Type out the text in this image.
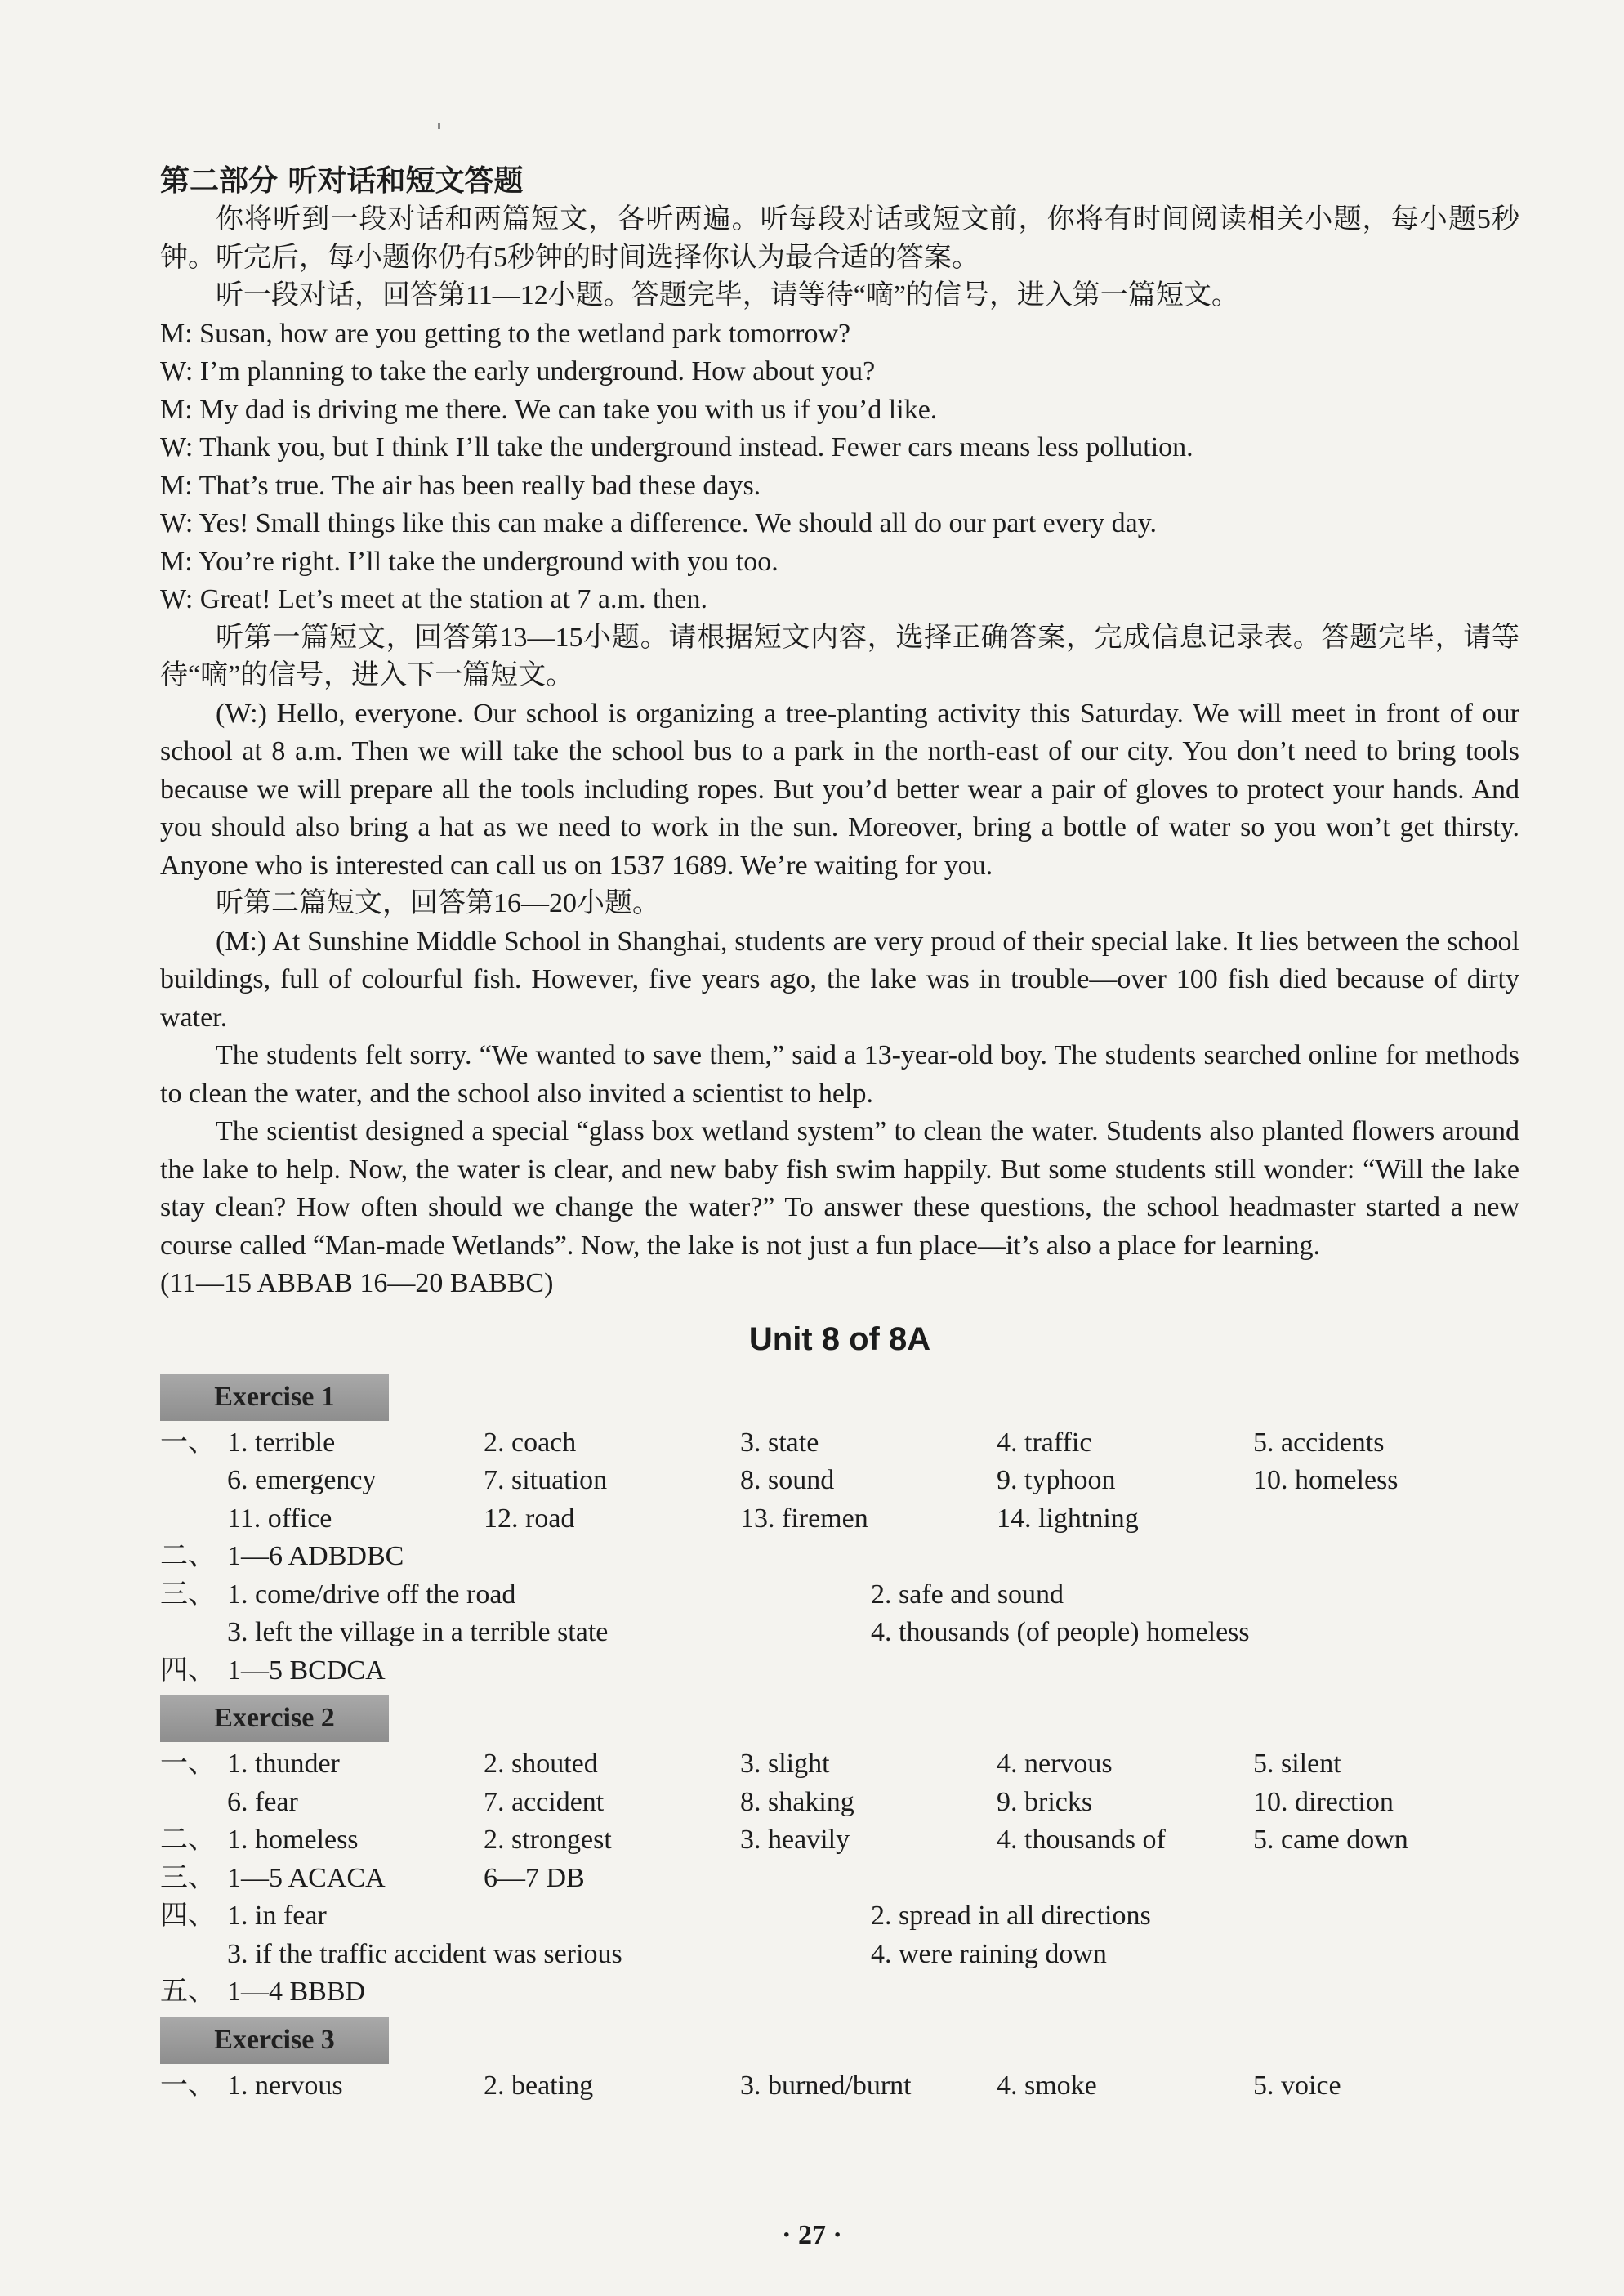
第二部分 听对话和短文答题
你将听到一段对话和两篇短文，各听两遍。听每段对话或短文前，你将有时间阅读相关小题，每小题5秒钟。听完后，每小题你仍有5秒钟的时间选择你认为最合适的答案。
听一段对话，回答第11—12小题。答题完毕，请等待“嘀”的信号，进入第一篇短文。
M: Susan, how are you getting to the wetland park tomorrow?
W: I’m planning to take the early underground. How about you?
M: My dad is driving me there. We can take you with us if you’d like.
W: Thank you, but I think I’ll take the underground instead. Fewer cars means less pollution.
M: That’s true. The air has been really bad these days.
W: Yes! Small things like this can make a difference. We should all do our part every day.
M: You’re right. I’ll take the underground with you too.
W: Great! Let’s meet at the station at 7 a.m. then.
听第一篇短文，回答第13—15小题。请根据短文内容，选择正确答案，完成信息记录表。答题完毕，请等待“嘀”的信号，进入下一篇短文。
(W:) Hello, everyone. Our school is organizing a tree-planting activity this Saturday. We will meet in front of our school at 8 a.m. Then we will take the school bus to a park in the north-east of our city. You don’t need to bring tools because we will prepare all the tools including ropes. But you’d better wear a pair of gloves to protect your hands. And you should also bring a hat as we need to work in the sun. Moreover, bring a bottle of water so you won’t get thirsty. Anyone who is interested can call us on 1537 1689. We’re waiting for you.
听第二篇短文，回答第16—20小题。
(M:) At Sunshine Middle School in Shanghai, students are very proud of their special lake. It lies between the school buildings, full of colourful fish. However, five years ago, the lake was in trouble—over 100 fish died because of dirty water.
The students felt sorry. “We wanted to save them,” said a 13-year-old boy. The students searched online for methods to clean the water, and the school also invited a scientist to help.
The scientist designed a special “glass box wetland system” to clean the water. Students also planted flowers around the lake to help. Now, the water is clear, and new baby fish swim happily. But some students still wonder: “Will the lake stay clean? How often should we change the water?” To answer these questions, the school headmaster started a new course called “Man-made Wetlands”. Now, the lake is not just a fun place—it’s also a place for learning.
(11—15 ABBAB 16—20 BABBC)
Unit 8 of 8A
Exercise 1
一、 1. terrible	2. coach	3. state	4. traffic	5. accidents
6. emergency	7. situation	8. sound	9. typhoon	10. homeless
11. office	12. road	13. firemen	14. lightning
二、 1—6 ADBDBC
三、 1. come/drive off the road	2. safe and sound
3. left the village in a terrible state	4. thousands (of people) homeless
四、 1—5 BCDCA
Exercise 2
一、 1. thunder	2. shouted	3. slight	4. nervous	5. silent
6. fear	7. accident	8. shaking	9. bricks	10. direction
二、 1. homeless	2. strongest	3. heavily	4. thousands of	5. came down
三、 1—5 ACACA	6—7 DB
四、 1. in fear	2. spread in all directions
3. if the traffic accident was serious	4. were raining down
五、 1—4 BBBD
Exercise 3
一、 1. nervous	2. beating	3. burned/burnt	4. smoke	5. voice
· 27 ·
